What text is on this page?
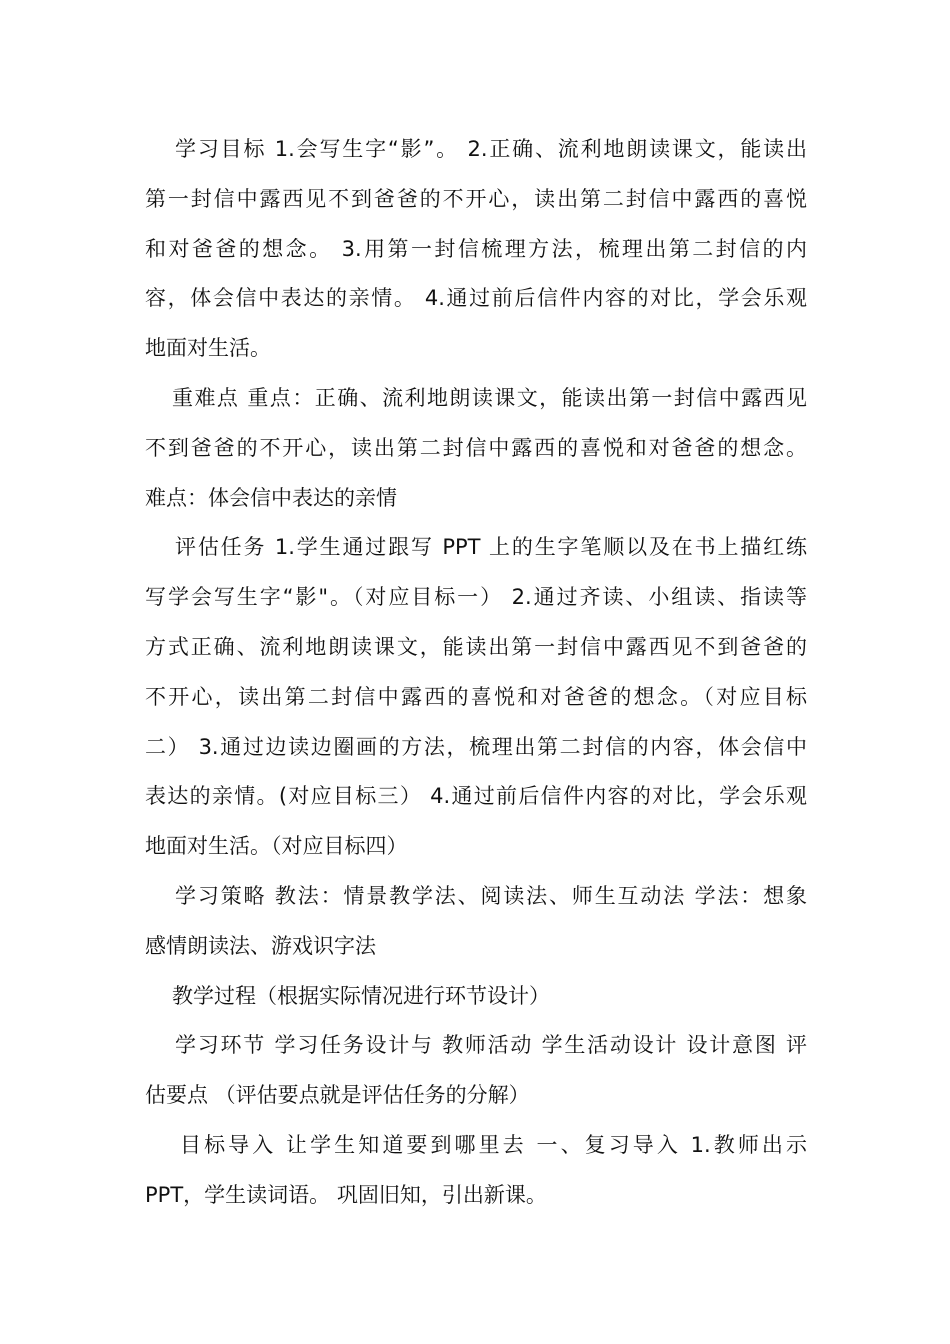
学习目标 1.会写生字“影”。 2.正确、流利地朗读课文，能读出
第一封信中露西见不到爸爸的不开心，读出第二封信中露西的喜悦
和对爸爸的想念。 3.用第一封信梳理方法，梳理出第二封信的内
容，体会信中表达的亲情。 4.通过前后信件内容的对比，学会乐观
地面对生活。
重难点 重点：正确、流利地朗读课文，能读出第一封信中露西见
不到爸爸的不开心，读出第二封信中露西的喜悦和对爸爸的想念。
难点：体会信中表达的亲情
评估任务 1.学生通过跟写 PPT 上的生字笔顺以及在书上描红练
写学会写生字“影"。（对应目标一） 2.通过齐读、小组读、指读等
方式正确、流利地朗读课文，能读出第一封信中露西见不到爸爸的
不开心，读出第二封信中露西的喜悦和对爸爸的想念。（对应目标
二） 3.通过边读边圈画的方法，梳理出第二封信的内容，体会信中
表达的亲情。(对应目标三） 4.通过前后信件内容的对比，学会乐观
地面对生活。（对应目标四）
学习策略 教法：情景教学法、阅读法、师生互动法 学法：想象
感情朗读法、游戏识字法
教学过程（根据实际情况进行环节设计）
学习环节 学习任务设计与 教师活动 学生活动设计 设计意图 评
估要点 （评估要点就是评估任务的分解）
目标导入 让学生知道要到哪里去 一、复习导入 1.教师出示
PPT，学生读词语。 巩固旧知，引出新课。
